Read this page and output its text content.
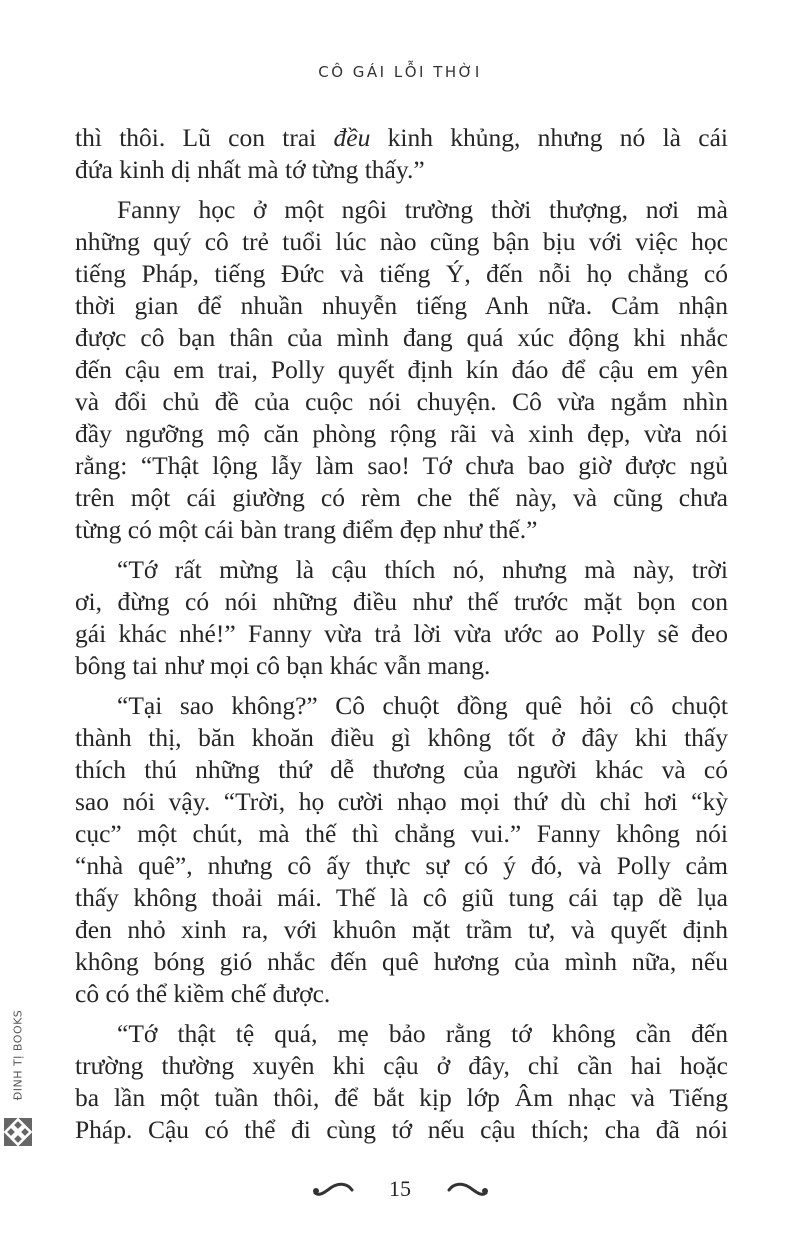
CÔ GÁI LỖI THỜI
thì thôi. Lũ con trai đều kinh khủng, nhưng nó là cái
đứa kinh dị nhất mà tớ từng thấy.”
Fanny học ở một ngôi trường thời thượng, nơi mà
những quý cô trẻ tuổi lúc nào cũng bận bịu với việc học
tiếng Pháp, tiếng Đức và tiếng Ý, đến nỗi họ chẳng có
thời gian để nhuần nhuyễn tiếng Anh nữa. Cảm nhận
được cô bạn thân của mình đang quá xúc động khi nhắc
đến cậu em trai, Polly quyết định kín đáo để cậu em yên
và đổi chủ đề của cuộc nói chuyện. Cô vừa ngắm nhìn
đầy ngưỡng mộ căn phòng rộng rãi và xinh đẹp, vừa nói
rằng: “Thật lộng lẫy làm sao! Tớ chưa bao giờ được ngủ
trên một cái giường có rèm che thế này, và cũng chưa
từng có một cái bàn trang điểm đẹp như thế.”
“Tớ rất mừng là cậu thích nó, nhưng mà này, trời
ơi, đừng có nói những điều như thế trước mặt bọn con
gái khác nhé!” Fanny vừa trả lời vừa ước ao Polly sẽ đeo
bông tai như mọi cô bạn khác vẫn mang.
“Tại sao không?” Cô chuột đồng quê hỏi cô chuột
thành thị, băn khoăn điều gì không tốt ở đây khi thấy
thích thú những thứ dễ thương của người khác và có
sao nói vậy. “Trời, họ cười nhạo mọi thứ dù chỉ hơi “kỳ
cục” một chút, mà thế thì chẳng vui.” Fanny không nói
“nhà quê”, nhưng cô ấy thực sự có ý đó, và Polly cảm
thấy không thoải mái. Thế là cô giũ tung cái tạp dề lụa
đen nhỏ xinh ra, với khuôn mặt trầm tư, và quyết định
không bóng gió nhắc đến quê hương của mình nữa, nếu
cô có thể kiềm chế được.
“Tớ thật tệ quá, mẹ bảo rằng tớ không cần đến
trường thường xuyên khi cậu ở đây, chỉ cần hai hoặc
ba lần một tuần thôi, để bắt kịp lớp Âm nhạc và Tiếng
Pháp. Cậu có thể đi cùng tớ nếu cậu thích; cha đã nói
15
ĐINH TỊ BOOKS
